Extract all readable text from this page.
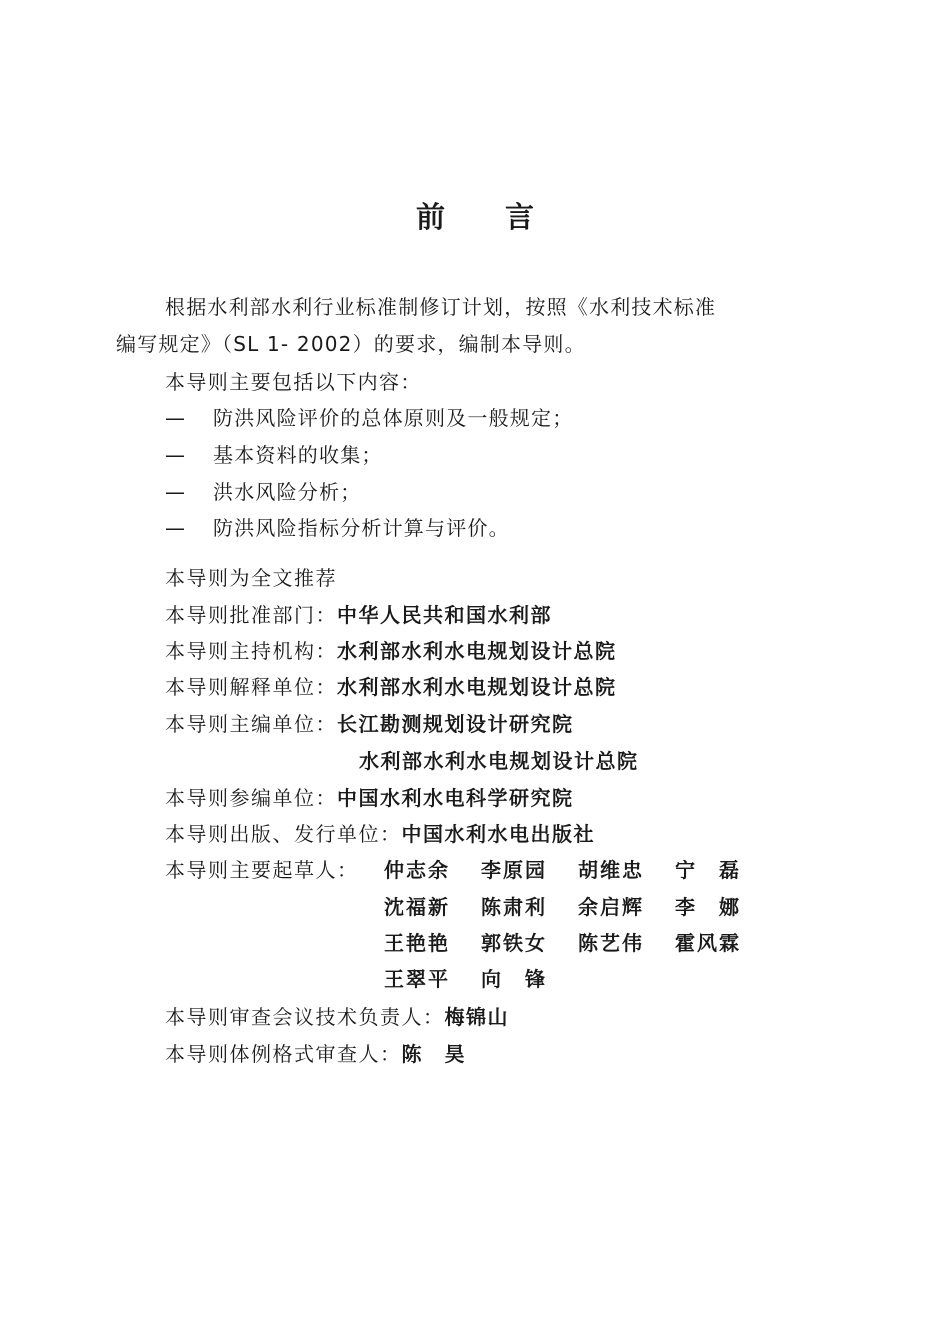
前言
根据水利部水利行业标准制修订计划，按照《水利技术标准
编写规定》（SL 1- 2002）的要求，编制本导则。
本导则主要包括以下内容：
— 防洪风险评价的总体原则及一般规定；
— 基本资料的收集；
— 洪水风险分析；
— 防洪风险指标分析计算与评价。
本导则为全文推荐
本导则批准部门：中华人民共和国水利部
本导则主持机构：水利部水利水电规划设计总院
本导则解释单位：水利部水利水电规划设计总院
本导则主编单位：长江勘测规划设计研究院
水利部水利水电规划设计总院
本导则参编单位：中国水利水电科学研究院
本导则出版、发行单位：中国水利水电出版社
本导则主要起草人： 仲志余 李原园 胡维忠 宁　磊
沈福新 陈肃利 余启辉 李　娜
王艳艳 郭铁女 陈艺伟 霍风霖
王翠平 向　锋
本导则审查会议技术负责人：梅锦山
本导则体例格式审查人：陈　昊
